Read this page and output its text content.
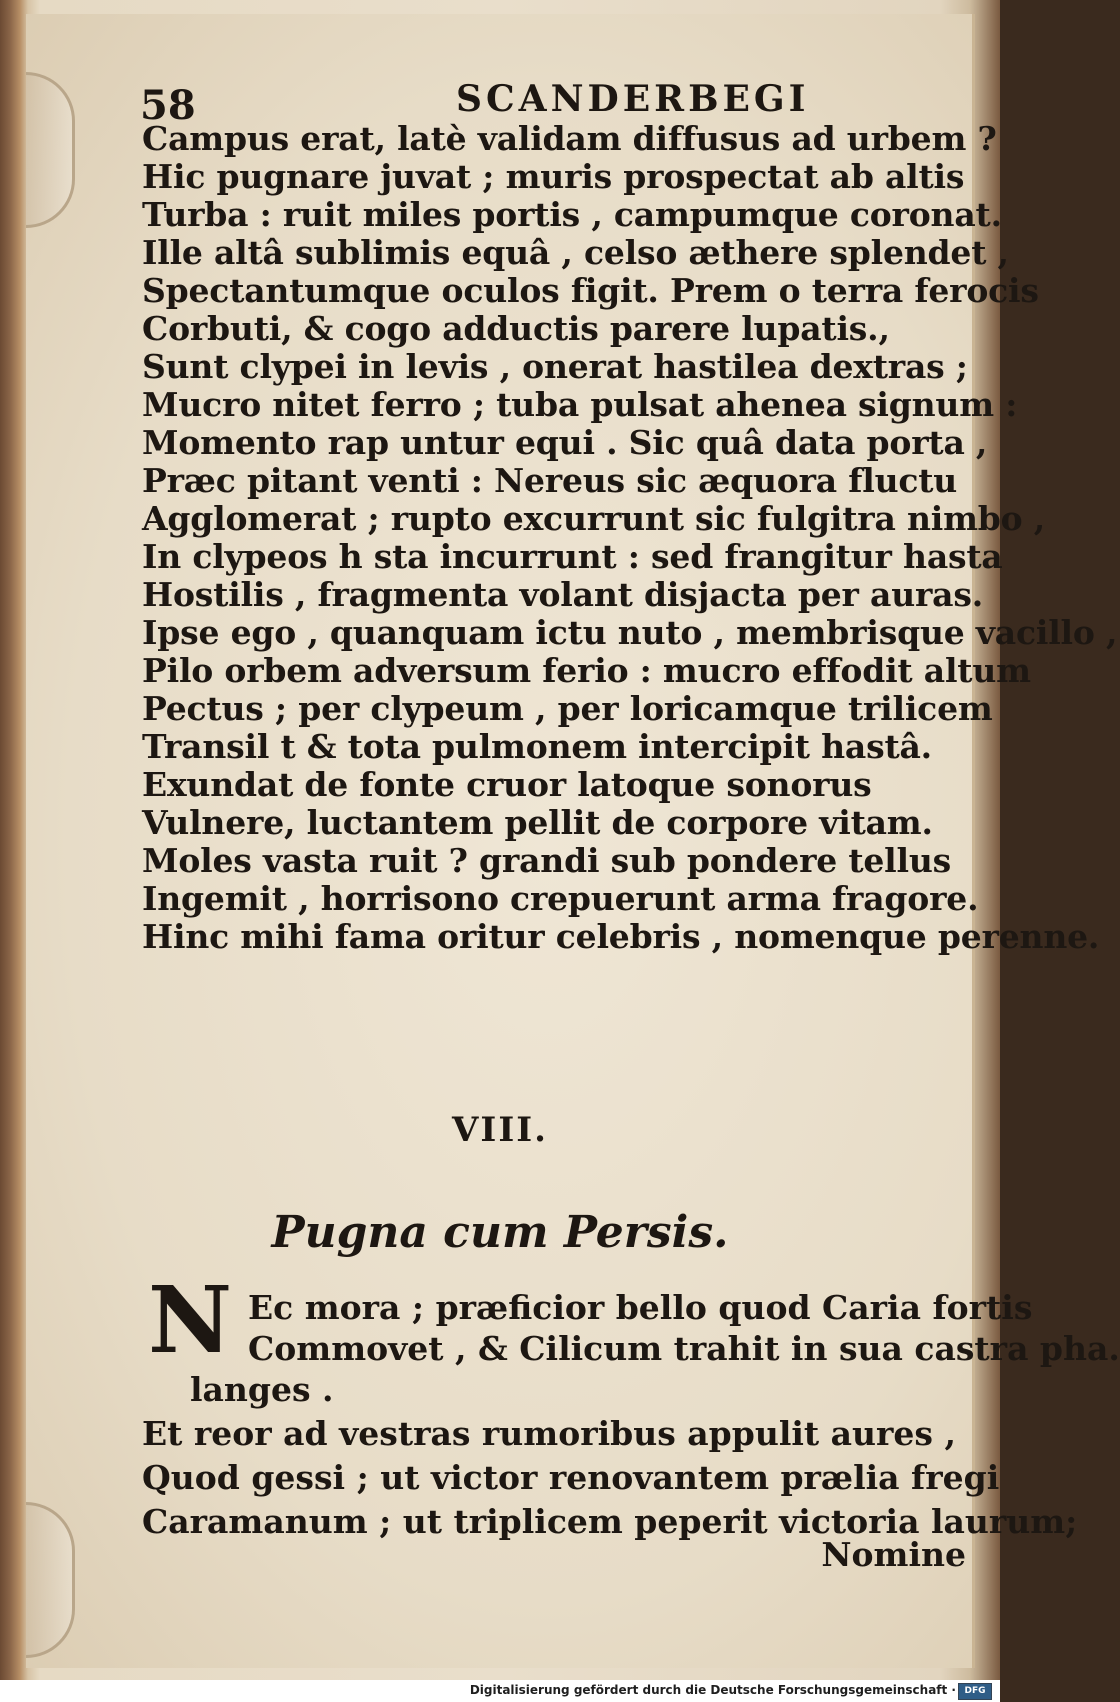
58	SCANDERBEGI
Campus erat, latè validam diffusus ad urbem ?
Hic pugnare juvat ; muris prospectat ab altis
Turba : ruit miles portis , campumque coronat.
Ille altâ sublimis equâ , celso æthere splendet ,
Spectantumque oculos figit. Prem o terra ferocis
Corbuti, & cogo adductis parere lupatis.,
Sunt clypei in levis , onerat hastilea dextras ;
Mucro nitet ferro ; tuba pulsat ahenea signum :
Momento rap untur equi . Sic quâ data porta ,
Præc pitant venti : Nereus sic æquora fluctu
Agglomerat ; rupto excurrunt sic fulgitra nimbo ,
In clypeos h sta incurrunt : sed frangitur hasta
Hostilis , fragmenta volant disjacta per auras.
Ipse ego , quanquam ictu nuto , membrisque vacillo ,
Pilo orbem adversum ferio : mucro effodit altum
Pectus ; per clypeum , per loricamque trilicem
Transil t & tota pulmonem intercipit hastâ.
Exundat de fonte cruor latoque sonorus
Vulnere, luctantem pellit de corpore vitam.
Moles vasta ruit ? grandi sub pondere tellus
Ingemit , horrisono crepuerunt arma fragore.
Hinc mihi fama oritur celebris , nomenque perenne.
VIII.
Pugna cum Persis.
N Ec mora ; præficior bello quod Caria fortis
Commovet , & Cilicum trahit in sua castra pha.
langes .
Et reor ad vestras rumoribus appulit aures ,
Quod gessi ; ut victor renovantem prælia fregi
Caramanum ; ut triplicem peperit victoria laurum;
Nomine
Digitalisierung gefördert durch die Deutsche Forschungsgemeinschaft · DFG
